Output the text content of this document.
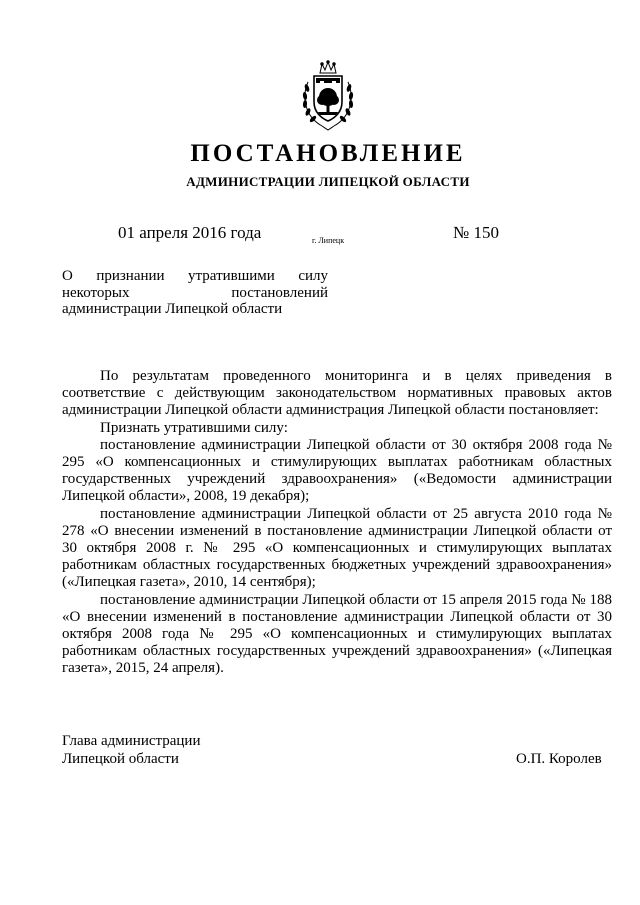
ПОСТАНОВЛЕНИЕ
АДМИНИСТРАЦИИ ЛИПЕЦКОЙ ОБЛАСТИ
01 апреля 2016 года	г. Липецк	№ 150
О признании утратившими силу
некоторых постановлений
администрации Липецкой области

По результатам проведенного мониторинга и в целях приведения в соответствие с действующим законодательством нормативных правовых актов администрации Липецкой области администрация Липецкой области постановляет:

Признать утратившими силу:

постановление администрации Липецкой области от 30 октября 2008 года № 295 «О компенсационных и стимулирующих выплатах работникам областных государственных учреждений здравоохранения» («Ведомости администрации Липецкой области», 2008, 19 декабря);

постановление администрации Липецкой области от 25 августа 2010 года № 278 «О внесении изменений в постановление администрации Липецкой области от 30 октября 2008 г. № 295 «О компенсационных и стимулирующих выплатах работникам областных государственных бюджетных учреждений здравоохранения» («Липецкая газета», 2010, 14 сентября);

постановление администрации Липецкой области от 15 апреля 2015 года № 188 «О внесении изменений в постановление администрации Липецкой области от 30 октября 2008 года № 295 «О компенсационных и стимулирующих выплатах работникам областных государственных учреждений здравоохранения» («Липецкая газета», 2015, 24 апреля).

Глава администрации
Липецкой области	О.П. Королев
